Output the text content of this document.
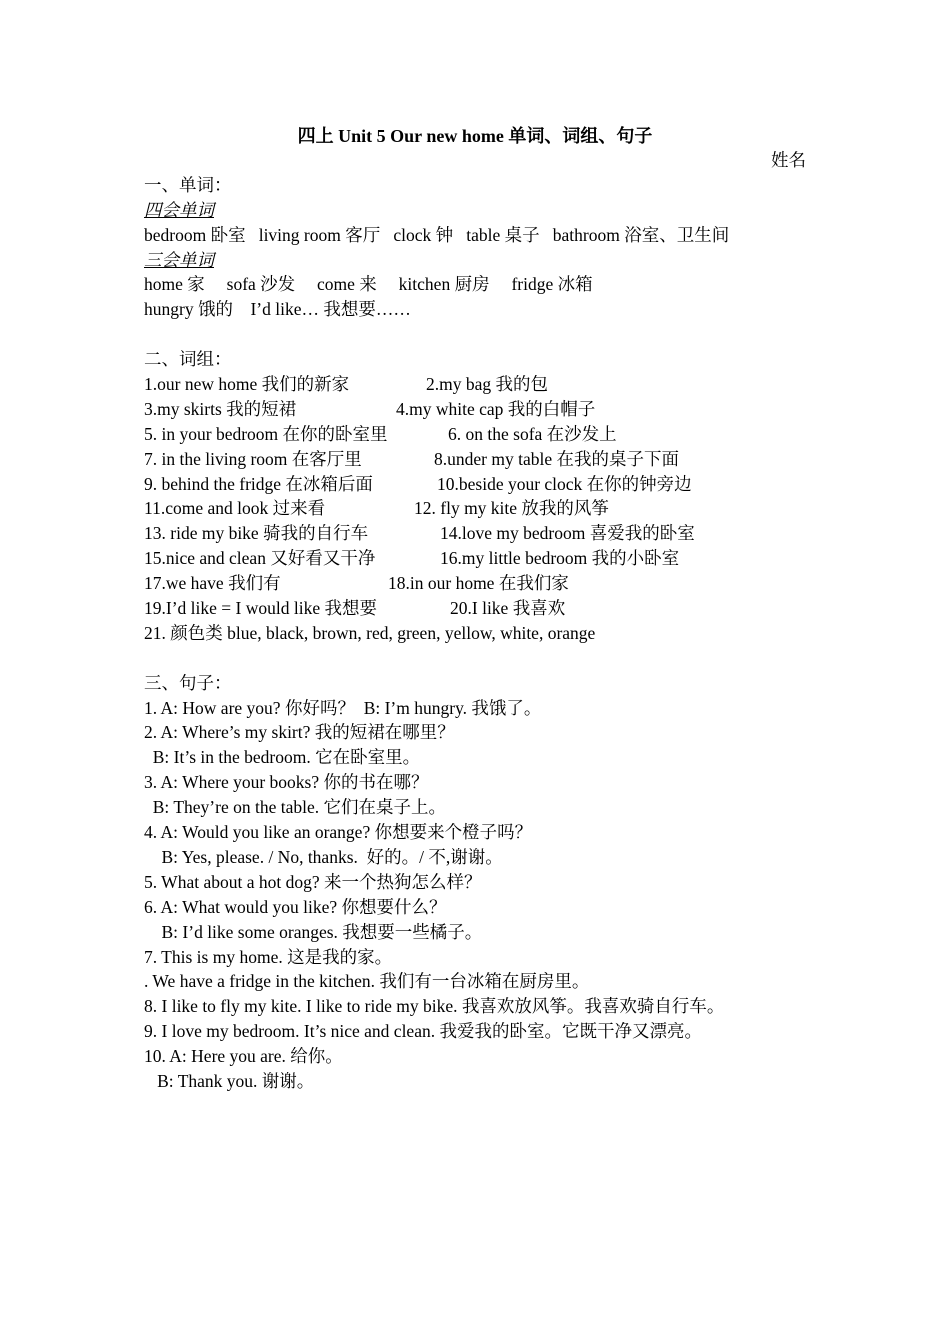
四上 Unit 5 Our new home 单词、词组、句子
姓名
一、单词：
四会单词
bedroom 卧室   living room 客厅   clock 钟   table 桌子   bathroom 浴室、卫生间
三会单词
home 家     sofa 沙发     come 来     kitchen 厨房     fridge 冰箱
hungry 饿的    I’d like… 我想要……
二、词组：
1.our new home 我们的新家	2.my bag 我的包
3.my skirts 我的短裙	4.my white cap 我的白帽子
5. in your bedroom 在你的卧室里	6. on the sofa 在沙发上
7. in the living room 在客厅里	8.under my table 在我的桌子下面
9. behind the fridge 在冰箱后面	10.beside your clock 在你的钟旁边
11.come and look 过来看	12. fly my kite 放我的风筝
13. ride my bike 骑我的自行车	14.love my bedroom 喜爱我的卧室
15.nice and clean 又好看又干净	16.my little bedroom 我的小卧室
17.we have 我们有	18.in our home 在我们家
19.I’d like = I would like 我想要	20.I like 我喜欢
21. 颜色类 blue, black, brown, red, green, yellow, white, orange
三、句子：
1. A: How are you? 你好吗？  B: I’m hungry. 我饿了。
2. A: Where’s my skirt? 我的短裙在哪里？
B: It’s in the bedroom. 它在卧室里。
3. A: Where your books? 你的书在哪？
B: They’re on the table. 它们在桌子上。
4. A: Would you like an orange? 你想要来个橙子吗？
B: Yes, please. / No, thanks.  好的。/ 不,谢谢。
5. What about a hot dog? 来一个热狗怎么样？
6. A: What would you like? 你想要什么？
B: I’d like some oranges. 我想要一些橘子。
7. This is my home. 这是我的家。
. We have a fridge in the kitchen. 我们有一台冰箱在厨房里。
8. I like to fly my kite. I like to ride my bike. 我喜欢放风筝。我喜欢骑自行车。
9. I love my bedroom. It’s nice and clean. 我爱我的卧室。它既干净又漂亮。
10. A: Here you are. 给你。
B: Thank you. 谢谢。
